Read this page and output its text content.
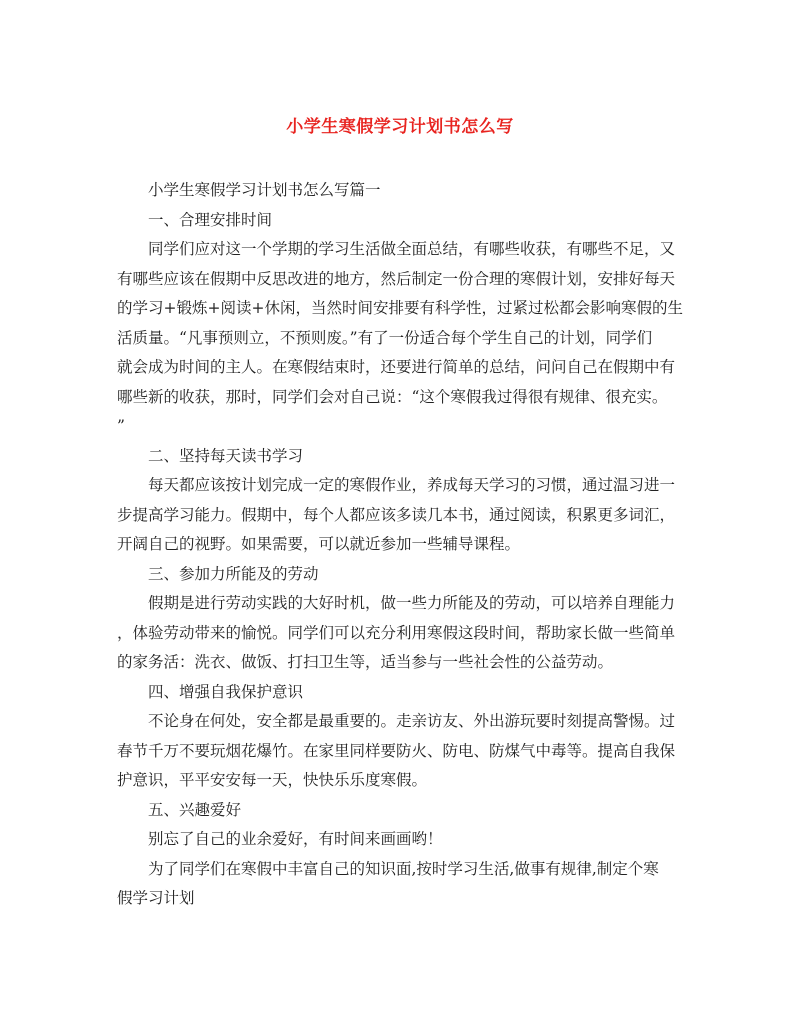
小学生寒假学习计划书怎么写

小学生寒假学习计划书怎么写篇一

一、合理安排时间

同学们应对这一个学期的学习生活做全面总结，有哪些收获，有哪些不足，又

有哪些应该在假期中反思改进的地方，然后制定一份合理的寒假计划，安排好每天

的学习+锻炼+阅读+休闲，当然时间安排要有科学性，过紧过松都会影响寒假的生

活质量。“凡事预则立，不预则废。”有了一份适合每个学生自己的计划，同学们

就会成为时间的主人。在寒假结束时，还要进行简单的总结，问问自己在假期中有

哪些新的收获，那时，同学们会对自己说：“这个寒假我过得很有规律、很充实。

”

二、坚持每天读书学习

每天都应该按计划完成一定的寒假作业，养成每天学习的习惯，通过温习进一

步提高学习能力。假期中，每个人都应该多读几本书，通过阅读，积累更多词汇，

开阔自己的视野。如果需要，可以就近参加一些辅导课程。

三、参加力所能及的劳动

假期是进行劳动实践的大好时机，做一些力所能及的劳动，可以培养自理能力

，体验劳动带来的愉悦。同学们可以充分利用寒假这段时间，帮助家长做一些简单

的家务活：洗衣、做饭、打扫卫生等，适当参与一些社会性的公益劳动。

四、增强自我保护意识

不论身在何处，安全都是最重要的。走亲访友、外出游玩要时刻提高警惕。过

春节千万不要玩烟花爆竹。在家里同样要防火、防电、防煤气中毒等。提高自我保

护意识，平平安安每一天，快快乐乐度寒假。

五、兴趣爱好

别忘了自己的业余爱好，有时间来画画哟！

为了同学们在寒假中丰富自己的知识面,按时学习生活,做事有规律,制定个寒

假学习计划
